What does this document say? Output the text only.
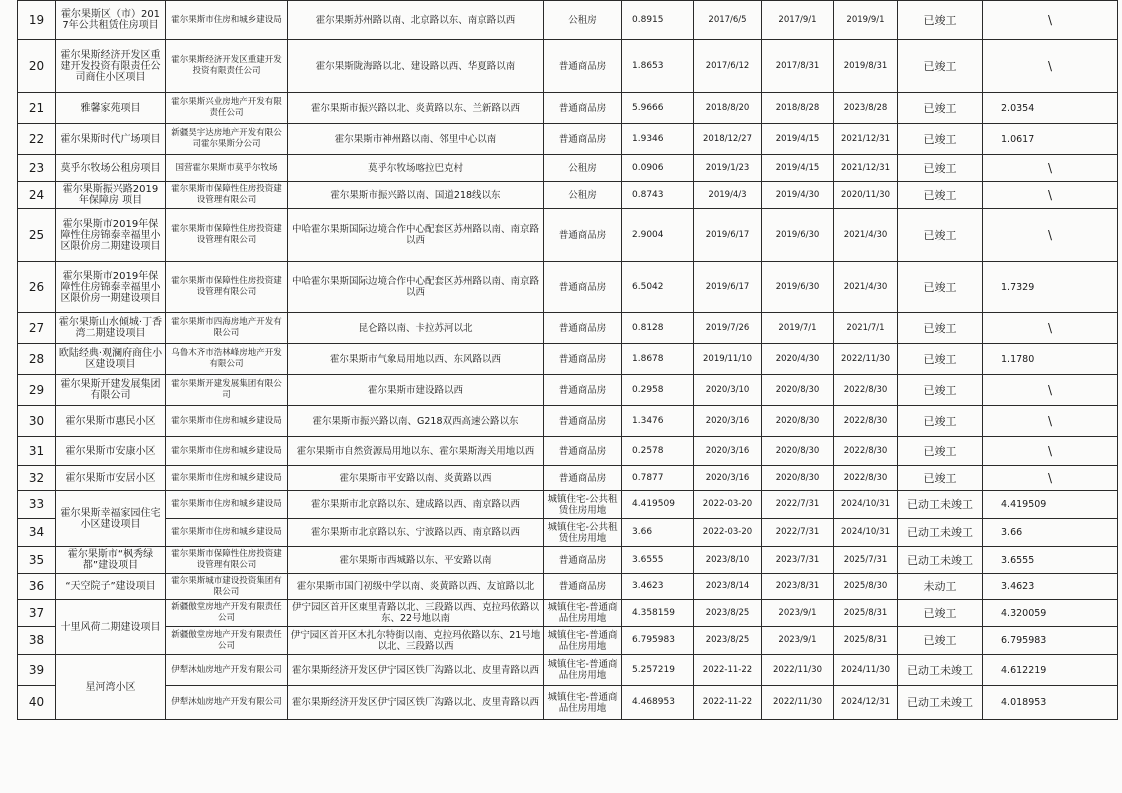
19	霍尔果斯区（市）2017年公共租赁住房项目	霍尔果斯市住房和城乡建设局	霍尔果斯苏州路以南、北京路以东、南京路以西	公租房	0.8915	2017/6/5	2017/9/1	2019/9/1	已竣工	\
20	霍尔果斯经济开发区重建开发投资有限责任公司商住小区项目	霍尔果斯经济开发区重建开发投资有限责任公司	霍尔果斯陇海路以北、建设路以西、华夏路以南	普通商品房	1.8653	2017/6/12	2017/8/31	2019/8/31	已竣工	\
21	雅馨家苑项目	霍尔果斯兴业房地产开发有限责任公司	霍尔果斯市振兴路以北、炎黄路以东、兰新路以西	普通商品房	5.9666	2018/8/20	2018/8/28	2023/8/28	已竣工	2.0354
22	霍尔果斯时代广场项目	新疆昊宇达房地产开发有限公司霍尔果斯分公司	霍尔果斯市神州路以南、邻里中心以南	普通商品房	1.9346	2018/12/27	2019/4/15	2021/12/31	已竣工	1.0617
23	莫乎尔牧场公租房项目	国营霍尔果斯市莫乎尔牧场	莫乎尔牧场喀拉巴克村	公租房	0.0906	2019/1/23	2019/4/15	2021/12/31	已竣工	\
24	霍尔果斯振兴路2019年保障房 项目	霍尔果斯市保障性住房投资建设管理有限公司	霍尔果斯市振兴路以南、国道218线以东	公租房	0.8743	2019/4/3	2019/4/30	2020/11/30	已竣工	\
25	霍尔果斯市2019年保障性住房锦泰幸福里小区限价房二期建设项目	霍尔果斯市保障性住房投资建设管理有限公司	中哈霍尔果斯国际边境合作中心配套区苏州路以南、南京路以西	普通商品房	2.9004	2019/6/17	2019/6/30	2021/4/30	已竣工	\
26	霍尔果斯市2019年保障性住房锦泰幸福里小区限价房一期建设项目	霍尔果斯市保障性住房投资建设管理有限公司	中哈霍尔果斯国际边境合作中心配套区苏州路以南、南京路以西	普通商品房	6.5042	2019/6/17	2019/6/30	2021/4/30	已竣工	1.7329
27	霍尔果斯山水倾城·丁香湾二期建设项目	霍尔果斯市四海房地产开发有限公司	昆仑路以南、卡拉苏河以北	普通商品房	0.8128	2019/7/26	2019/7/1	2021/7/1	已竣工	\
28	欧陆经典·观澜府商住小区建设项目	乌鲁木齐市浩林峰房地产开发有限公司	霍尔果斯市气象局用地以西、东风路以西	普通商品房	1.8678	2019/11/10	2020/4/30	2022/11/30	已竣工	1.1780
29	霍尔果斯开建发展集团有限公司	霍尔果斯开建发展集团有限公司	霍尔果斯市建设路以西	普通商品房	0.2958	2020/3/10	2020/8/30	2022/8/30	已竣工	\
30	霍尔果斯市惠民小区	霍尔果斯市住房和城乡建设局	霍尔果斯市振兴路以南、G218双西高速公路以东	普通商品房	1.3476	2020/3/16	2020/8/30	2022/8/30	已竣工	\
31	霍尔果斯市安康小区	霍尔果斯市住房和城乡建设局	霍尔果斯市自然资源局用地以东、霍尔果斯海关用地以西	普通商品房	0.2578	2020/3/16	2020/8/30	2022/8/30	已竣工	\
32	霍尔果斯市安居小区	霍尔果斯市住房和城乡建设局	霍尔果斯市平安路以南、炎黄路以西	普通商品房	0.7877	2020/3/16	2020/8/30	2022/8/30	已竣工	\
33	霍尔果斯幸福家园住宅小区建设项目	霍尔果斯市住房和城乡建设局	霍尔果斯市北京路以东、建成路以西、南京路以西	城镇住宅-公共租赁住房用地	4.419509	2022-03-20	2022/7/31	2024/10/31	已动工未竣工	4.419509
34		霍尔果斯市住房和城乡建设局	霍尔果斯市北京路以东、宁波路以西、南京路以西	城镇住宅-公共租赁住房用地	3.66	2022-03-20	2022/7/31	2024/10/31	已动工未竣工	3.66
35	霍尔果斯市“枫秀绿都”建设项目	霍尔果斯市保障性住房投资建设管理有限公司	霍尔果斯市西城路以东、平安路以南	普通商品房	3.6555	2023/8/10	2023/7/31	2025/7/31	已动工未竣工	3.6555
36	“天空院子”建设项目	霍尔果斯城市建设投资集团有限公司	霍尔果斯市国门初级中学以南、炎黄路以西、友谊路以北	普通商品房	3.4623	2023/8/14	2023/8/31	2025/8/30	未动工	3.4623
37	十里风荷二期建设项目	新疆傲堂房地产开发有限责任公司	伊宁园区首开区東里青路以北、三段路以西、克拉玛依路以东、22号地以南	城镇住宅-普通商品住房用地	4.358159	2023/8/25	2023/9/1	2025/8/31	已竣工	4.320059
38		新疆傲堂房地产开发有限责任公司	伊宁园区首开区木扎尔特街以南、克拉玛依路以东、21号地以北、三段路以西	城镇住宅-普通商品住房用地	6.795983	2023/8/25	2023/9/1	2025/8/31	已竣工	6.795983
39	星河湾小区	伊犁沐灿房地产开发有限公司	霍尔果斯经济开发区伊宁园区铁厂沟路以北、皮里青路以西	城镇住宅-普通商品住房用地	5.257219	2022-11-22	2022/11/30	2024/11/30	已动工未竣工	4.612219
40		伊犁沐灿房地产开发有限公司	霍尔果斯经济开发区伊宁园区铁厂沟路以北、皮里青路以西	城镇住宅-普通商品住房用地	4.468953	2022-11-22	2022/11/30	2024/12/31	已动工未竣工	4.018953
